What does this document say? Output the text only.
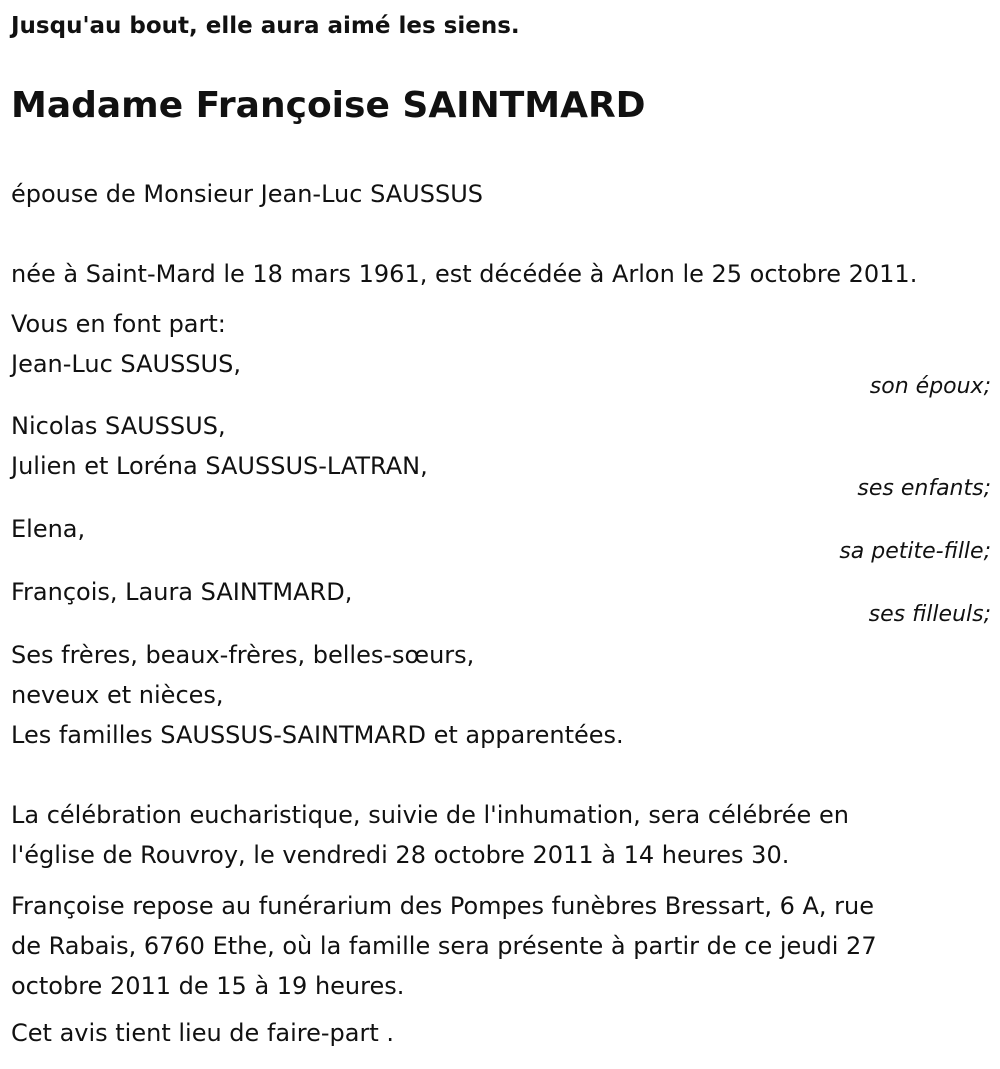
Jusqu'au bout, elle aura aimé les siens.
Madame Françoise SAINTMARD
épouse de Monsieur Jean-Luc SAUSSUS
née à Saint-Mard le 18 mars 1961, est décédée à Arlon le 25 octobre 2011.
Vous en font part:
Jean-Luc SAUSSUS,
son époux;
Nicolas SAUSSUS,
Julien et Loréna SAUSSUS-LATRAN,
ses enfants;
Elena,
sa petite-fille;
François, Laura SAINTMARD,
ses filleuls;
Ses frères, beaux-frères, belles-sœurs,
neveux et nièces,
Les familles SAUSSUS-SAINTMARD et apparentées.
La célébration eucharistique, suivie de l'inhumation, sera célébrée en
l'église de Rouvroy, le vendredi 28 octobre 2011 à 14 heures 30.
Françoise repose au funérarium des Pompes funèbres Bressart, 6 A, rue
de Rabais, 6760 Ethe, où la famille sera présente à partir de ce jeudi 27
octobre 2011 de 15 à 19 heures.
Cet avis tient lieu de faire-part .
